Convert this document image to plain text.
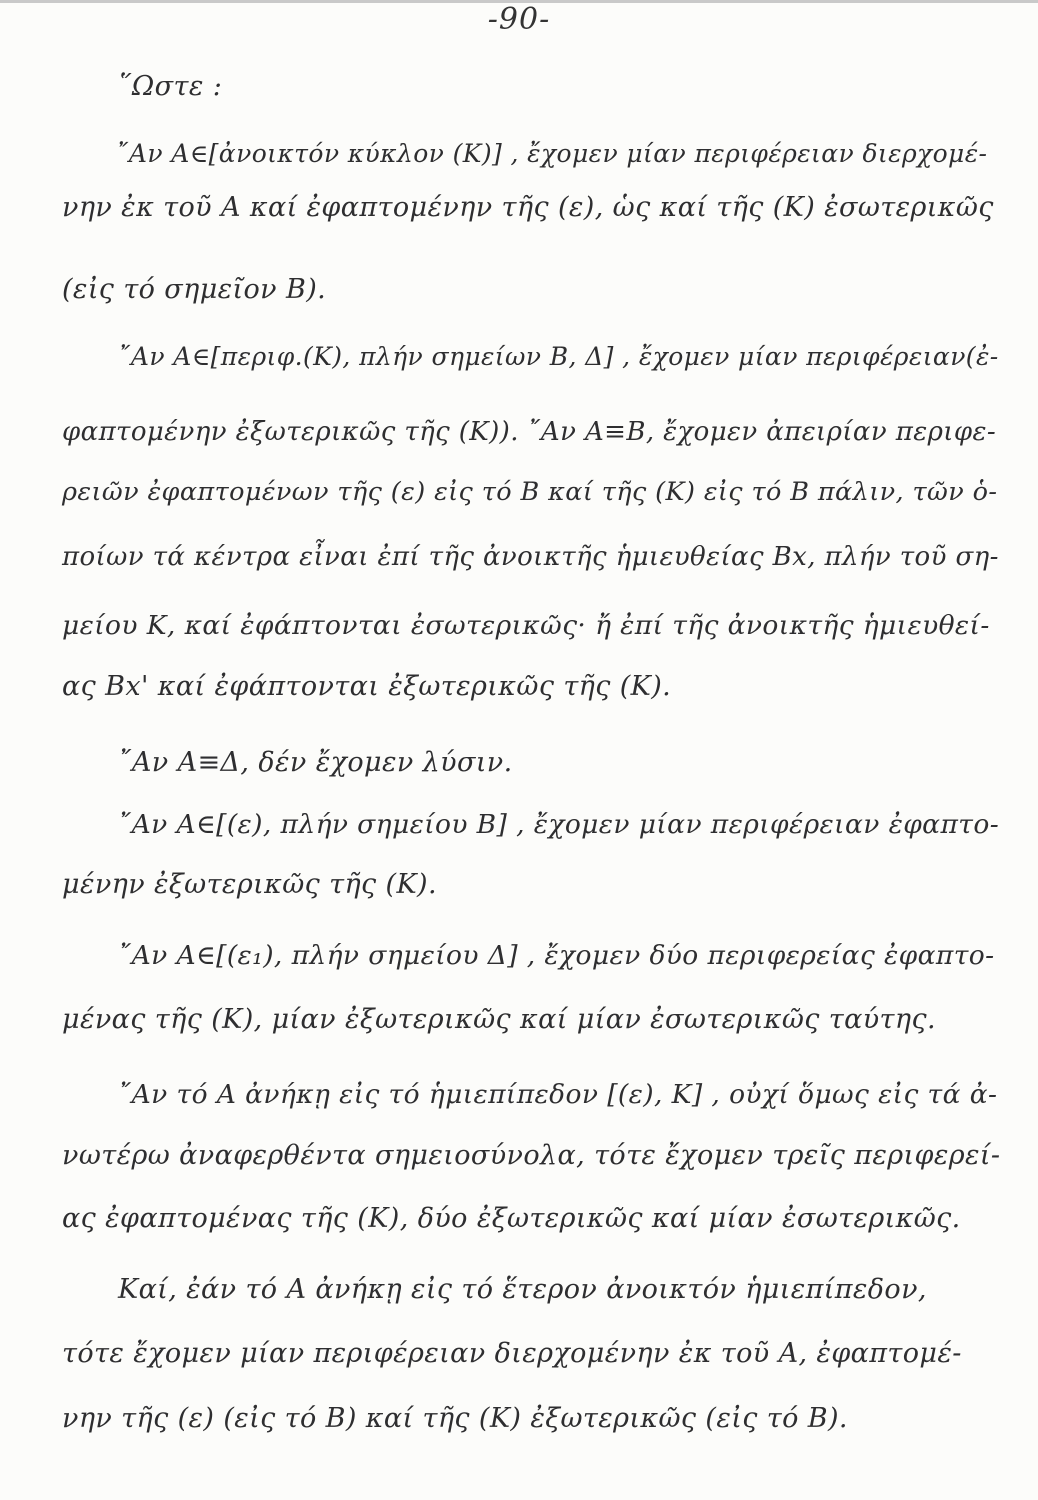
-90-
῞Ωστε :
῎Αν A∈[ἀνοικτόν κύκλον (K)] , ἔχομεν μίαν περιφέρειαν διερχομέ-
νην ἐκ τοῦ A καί ἐφαπτομένην τῆς (ε), ὡς καί τῆς (K) ἐσωτερικῶς
(εἰς τό σημεῖον B).
῎Αν A∈[περιφ.(K), πλήν σημείων B, Δ] , ἔχομεν μίαν περιφέρειαν(ἐ-
φαπτομένην ἐξωτερικῶς τῆς (K)). ῎Αν A≡B, ἔχομεν ἀπειρίαν περιφε-
ρειῶν ἐφαπτομένων τῆς (ε) εἰς τό B καί τῆς (K) εἰς τό B πάλιν, τῶν ὁ-
ποίων τά κέντρα εἶναι ἐπί τῆς ἀνοικτῆς ἡμιευθείας Bx, πλήν τοῦ ση-
μείου K, καί ἐφάπτονται ἐσωτερικῶς· ἤ ἐπί τῆς ἀνοικτῆς ἡμιευθεί-
ας Bx' καί ἐφάπτονται ἐξωτερικῶς τῆς (K).
῎Αν A≡Δ, δέν ἔχομεν λύσιν.
῎Αν A∈[(ε), πλήν σημείου B] , ἔχομεν μίαν περιφέρειαν ἐφαπτο-
μένην ἐξωτερικῶς τῆς (K).
῎Αν A∈[(ε₁), πλήν σημείου Δ] , ἔχομεν δύο περιφερείας ἐφαπτο-
μένας τῆς (K), μίαν ἐξωτερικῶς καί μίαν ἐσωτερικῶς ταύτης.
῎Αν τό A ἀνήκῃ εἰς τό ἡμιεπίπεδον [(ε), K] , οὐχί ὅμως εἰς τά ἀ-
νωτέρω ἀναφερθέντα σημειοσύνολα, τότε ἔχομεν τρεῖς περιφερεί-
ας ἐφαπτομένας τῆς (K), δύο ἐξωτερικῶς καί μίαν ἐσωτερικῶς.
Καί, ἐάν τό A ἀνήκῃ εἰς τό ἕτερον ἀνοικτόν ἡμιεπίπεδον,
τότε ἔχομεν μίαν περιφέρειαν διερχομένην ἐκ τοῦ A, ἐφαπτομέ-
νην τῆς (ε) (εἰς τό B) καί τῆς (K) ἐξωτερικῶς (εἰς τό B).
